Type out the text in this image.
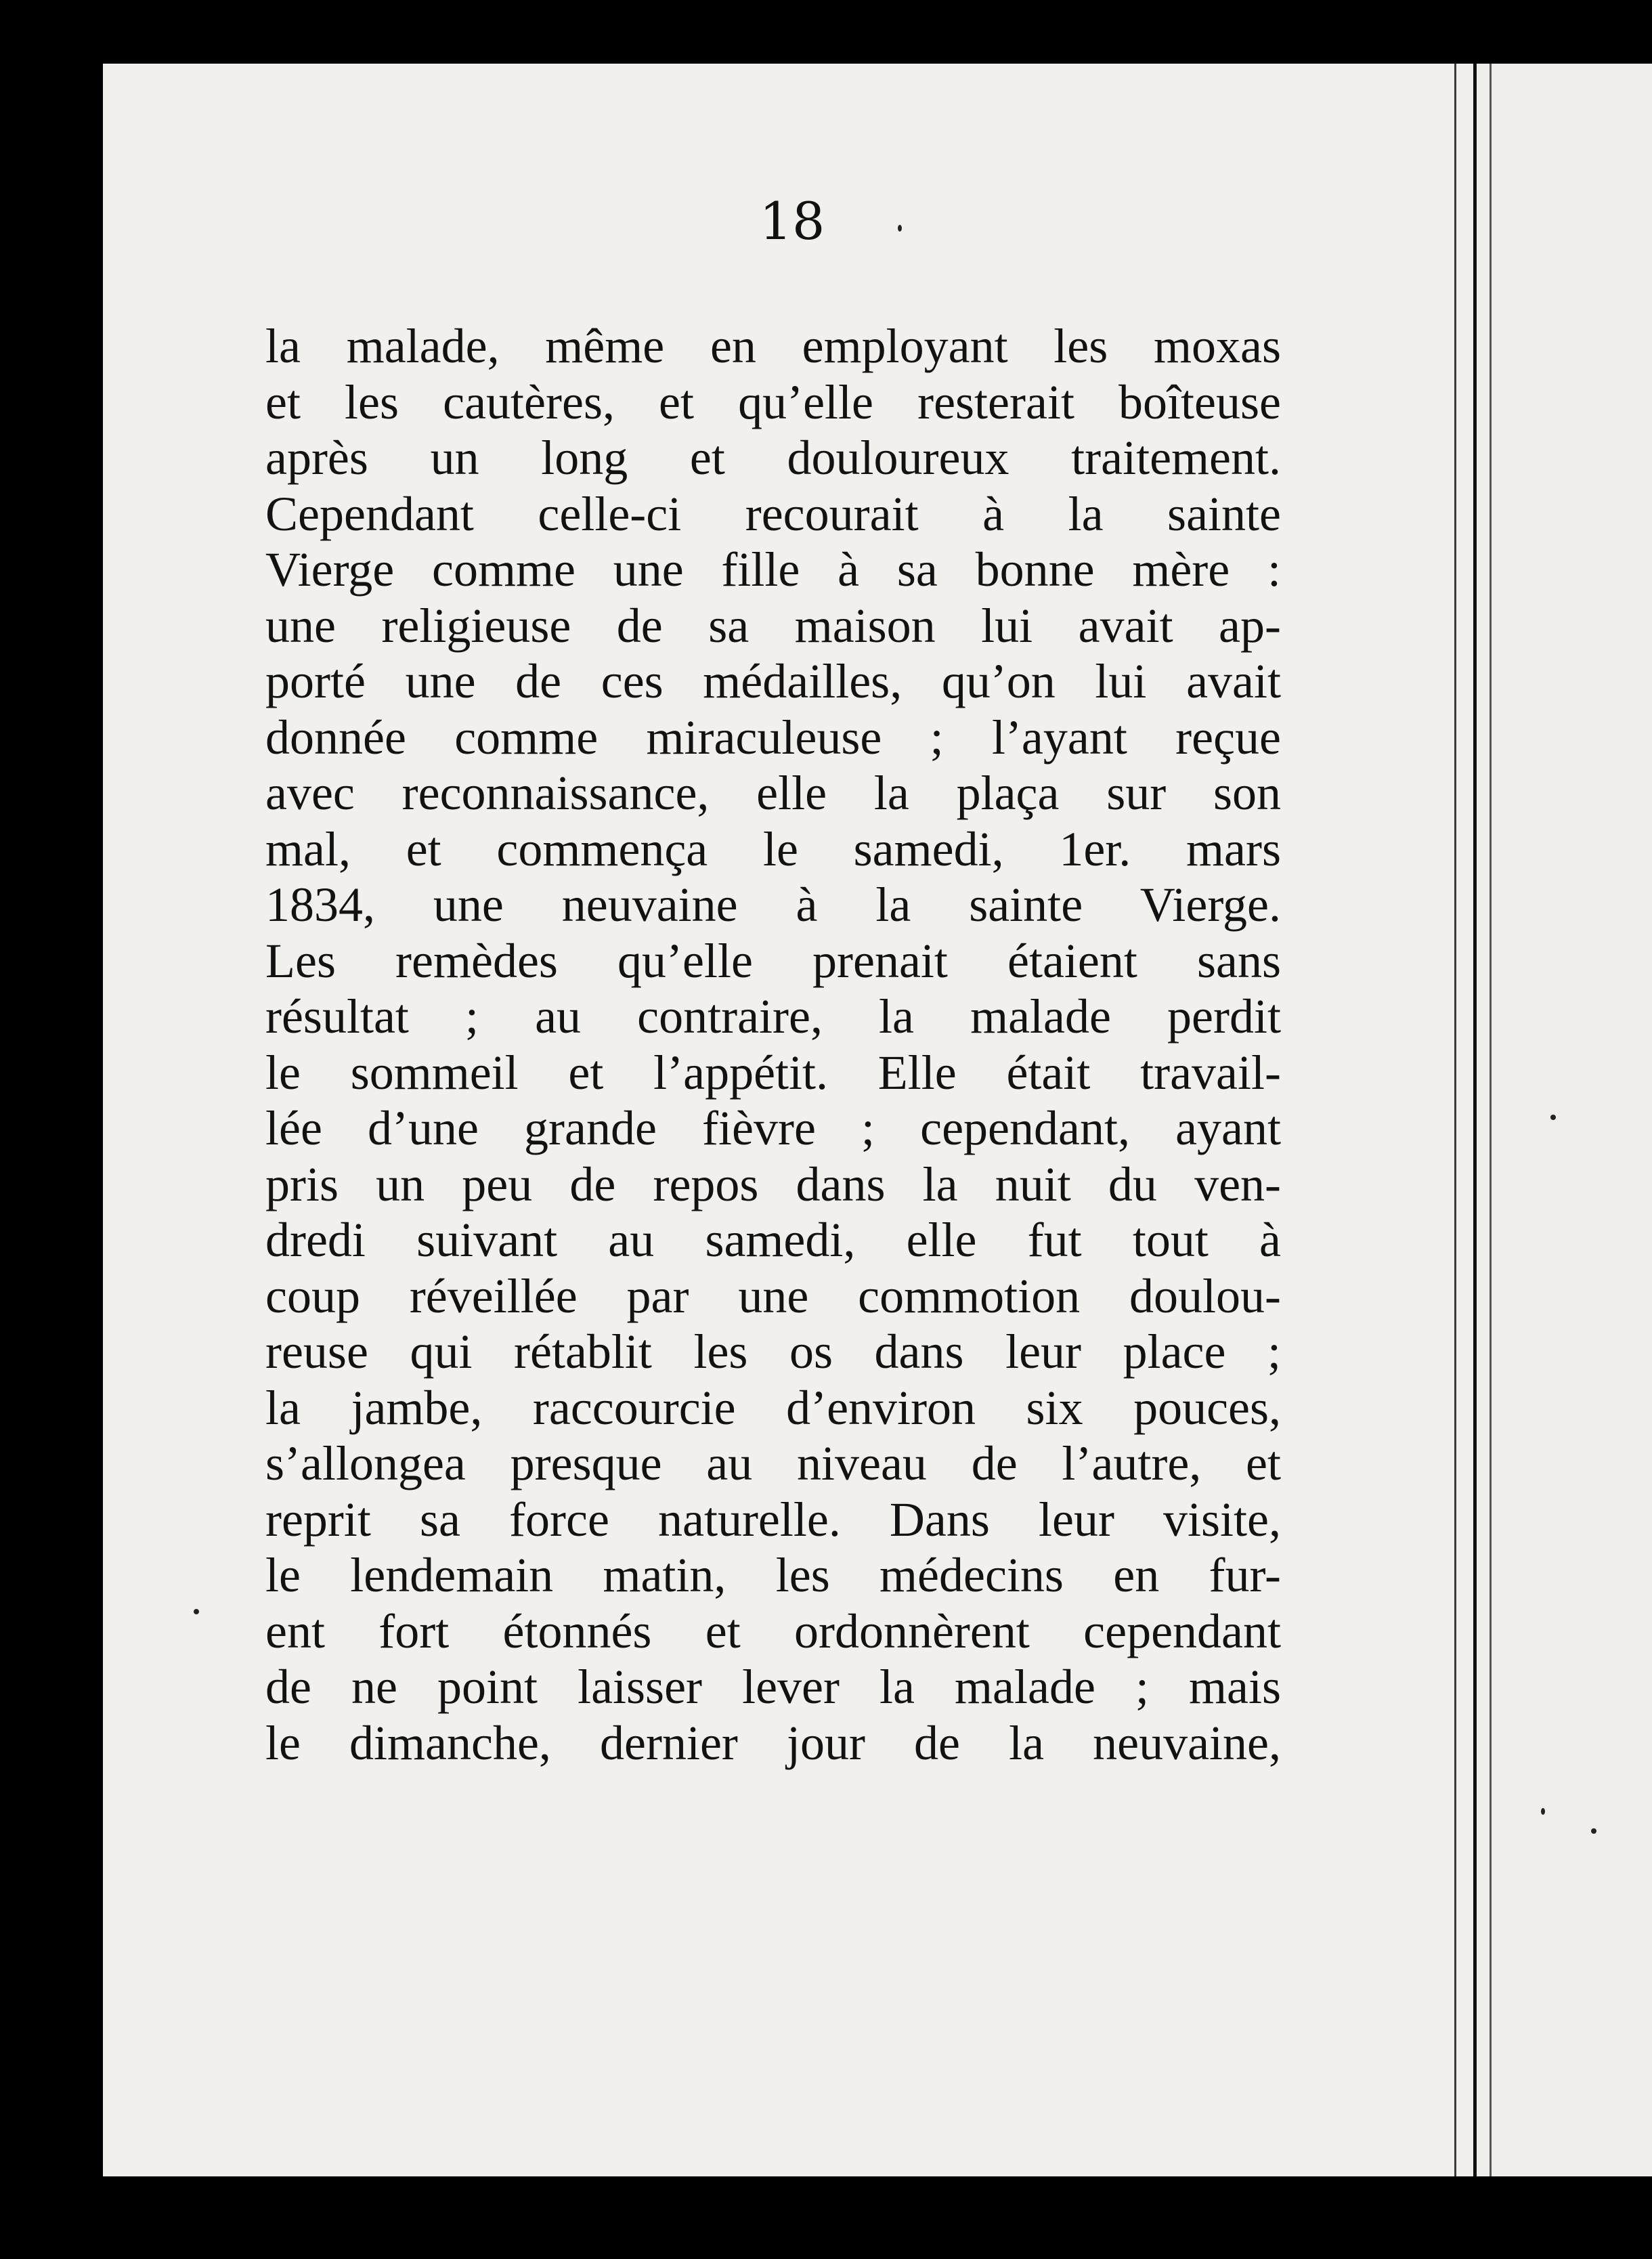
18
la malade, même en employant les moxas
et les cautères, et qu’elle resterait boîteuse
après un long et douloureux traitement.
Cependant celle-ci recourait à la sainte
Vierge comme une fille à sa bonne mère :
une religieuse de sa maison lui avait ap-
porté une de ces médailles, qu’on lui avait
donnée comme miraculeuse ; l’ayant reçue
avec reconnaissance, elle la plaça sur son
mal, et commença le samedi, 1er. mars
1834, une neuvaine à la sainte Vierge.
Les remèdes qu’elle prenait étaient sans
résultat ; au contraire, la malade perdit
le sommeil et l’appétit. Elle était travail-
lée d’une grande fièvre ; cependant, ayant
pris un peu de repos dans la nuit du ven-
dredi suivant au samedi, elle fut tout à
coup réveillée par une commotion doulou-
reuse qui rétablit les os dans leur place ;
la jambe, raccourcie d’environ six pouces,
s’allongea presque au niveau de l’autre, et
reprit sa force naturelle. Dans leur visite,
le lendemain matin, les médecins en fur-
ent fort étonnés et ordonnèrent cependant
de ne point laisser lever la malade ; mais
le dimanche, dernier jour de la neuvaine,
